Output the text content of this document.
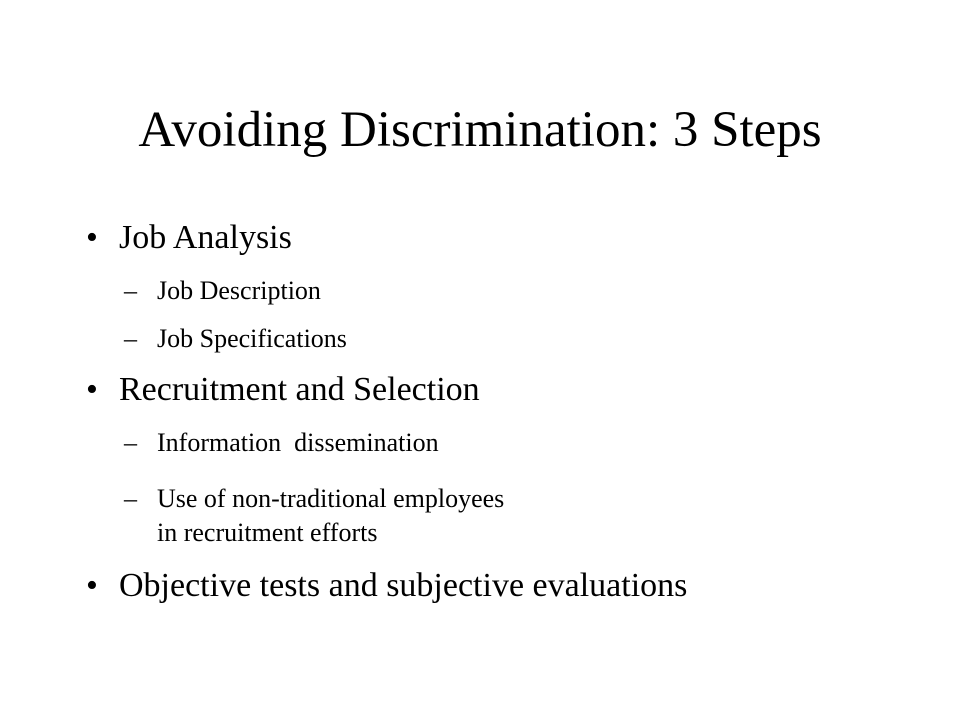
Avoiding Discrimination: 3 Steps
• Job Analysis
– Job Description
– Job Specifications
• Recruitment and Selection
– Information  dissemination
– Use of non-traditional employees in recruitment efforts
• Objective tests and subjective evaluations
